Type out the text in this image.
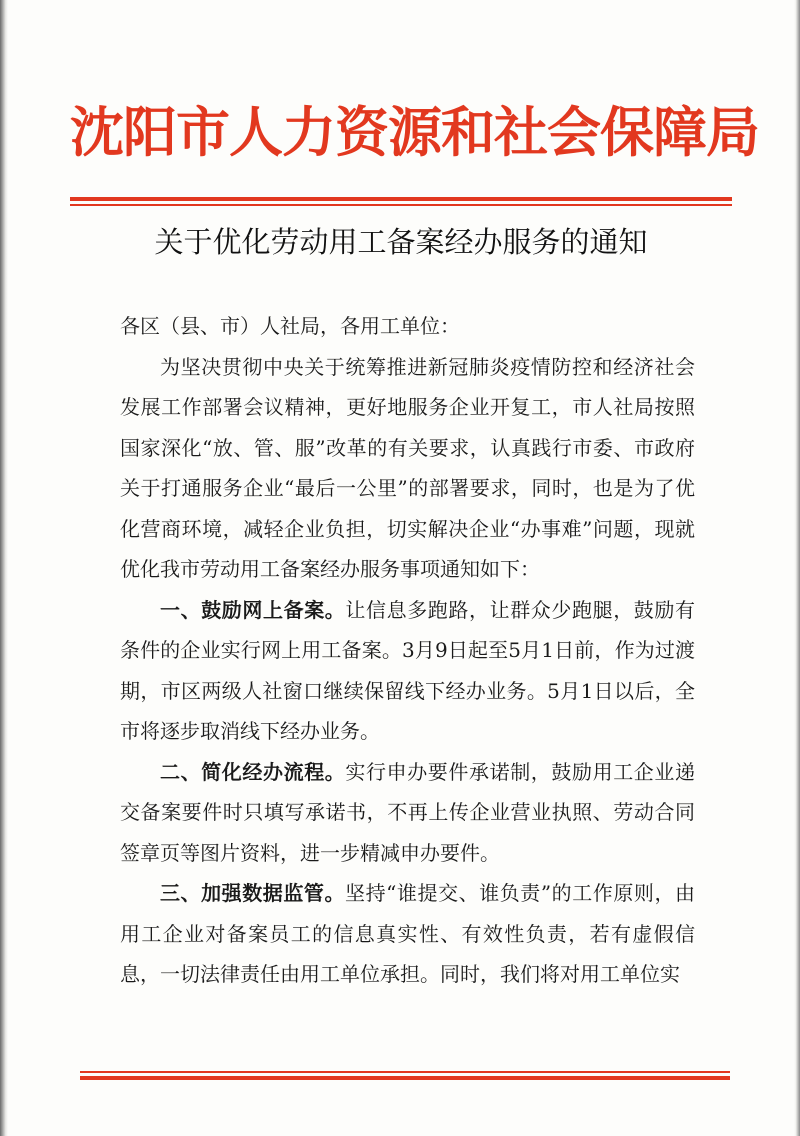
沈阳市人力资源和社会保障局
关于优化劳动用工备案经办服务的通知

各区（县、市）人社局，各用工单位：

为坚决贯彻中央关于统筹推进新冠肺炎疫情防控和经济社会发展工作部署会议精神，更好地服务企业开复工，市人社局按照国家深化“放、管、服”改革的有关要求，认真践行市委、市政府关于打通服务企业“最后一公里”的部署要求，同时，也是为了优化营商环境，减轻企业负担，切实解决企业“办事难”问题，现就优化我市劳动用工备案经办服务事项通知如下：

一、鼓励网上备案。让信息多跑路，让群众少跑腿，鼓励有条件的企业实行网上用工备案。3月9日起至5月1日前，作为过渡期，市区两级人社窗口继续保留线下经办业务。5月1日以后，全市将逐步取消线下经办业务。

二、简化经办流程。实行申办要件承诺制，鼓励用工企业递交备案要件时只填写承诺书，不再上传企业营业执照、劳动合同签章页等图片资料，进一步精减申办要件。

三、加强数据监管。坚持“谁提交、谁负责”的工作原则，由用工企业对备案员工的信息真实性、有效性负责，若有虚假信息，一切法律责任由用工单位承担。同时，我们将对用工单位实
